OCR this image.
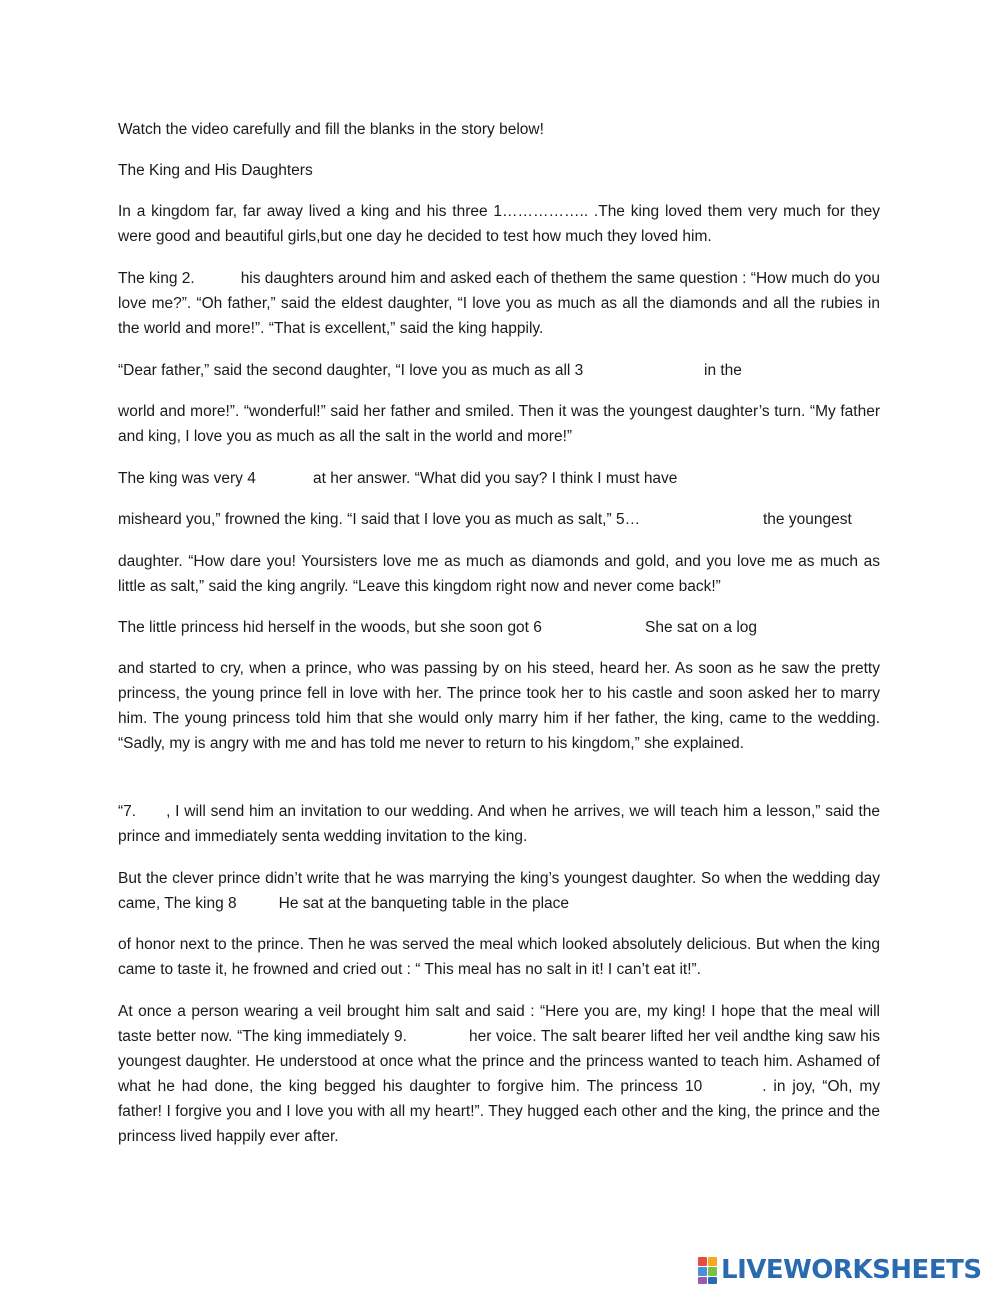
Watch the video carefully and fill the blanks in the story below!
The King and His Daughters
In a kingdom far, far away lived a king and his three 1…………….. .The king loved them very much for they were good and beautiful girls,but one day he decided to test how much they loved him.
The king 2.	his daughters around him and asked each of thethem the same question : “How much do you love me?”. “Oh father,” said the eldest daughter, “I love you as much as all the diamonds and all the rubies in the world and more!”. “That is excellent,” said the king happily.
“Dear father,” said the second daughter, “I love you as much as all 3	in the
world and more!”. “wonderful!” said her father and smiled. Then it was the youngest daughter’s turn. “My father and king, I love you as much as all the salt in the world and more!”
The king was very 4	at her answer. “What did you say? I think I must have
misheard you,” frowned the king. “I said that I love you as much as salt,” 5…	the youngest
daughter. “How dare you! Yoursisters love me as much as diamonds and gold, and you love me as much as little as salt,” said the king angrily. “Leave this kingdom right now and never come back!”
The little princess hid herself in the woods, but she soon got 6	She sat on a log
and started to cry, when a prince, who was passing by on his steed, heard her. As soon as he saw the pretty princess, the young prince fell in love with her. The prince took her to his castle and soon asked her to marry him. The young princess told him that she would only marry him if her father, the king, came to the wedding. “Sadly, my is angry with me and has told me never to return to his kingdom,” she explained.
“7. , I will send him an invitation to our wedding. And when he arrives, we will teach him a lesson,” said the prince and immediately senta wedding invitation to the king.
But the clever prince didn’t write that he was marrying the king’s youngest daughter. So when the wedding day came, The king 8	He sat at the banqueting table in the place
of honor next to the prince. Then he was served the meal which looked absolutely delicious. But when the king came to taste it, he frowned and cried out : “ This meal has no salt in it! I can’t eat it!”.
At once a person wearing a veil brought him salt and said : “Here you are, my king! I hope that the meal will taste better now. “The king immediately 9.	her voice. The salt bearer lifted her veil andthe king saw his youngest daughter. He understood at once what the prince and the princess wanted to teach him. Ashamed of what he had done, the king begged his daughter to forgive him. The princess 10	. in joy, “Oh, my father! I forgive you and I love you with all my heart!”. They hugged each other and the king, the prince and the princess lived happily ever after.
LIVEWORKSHEETS
